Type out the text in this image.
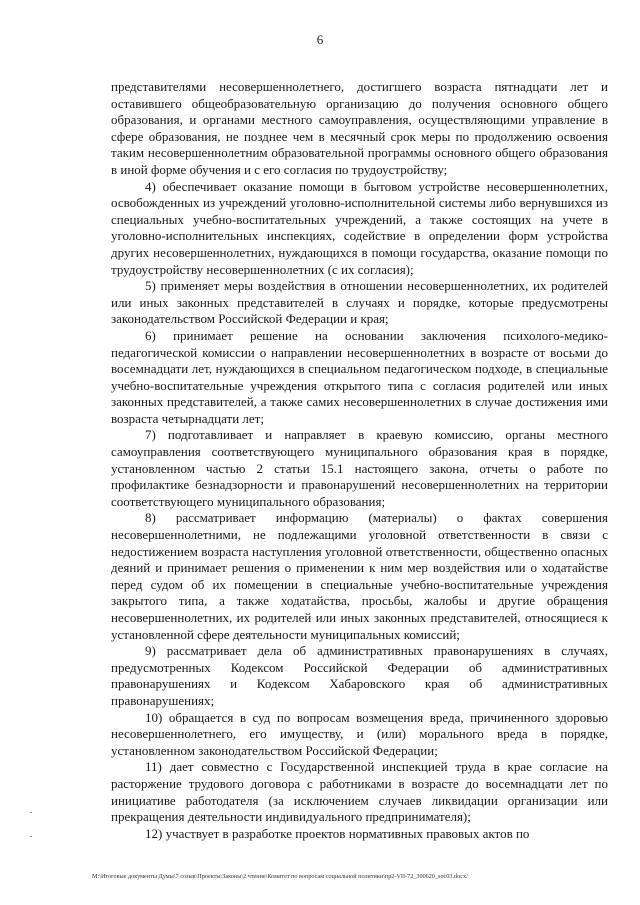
6

представителями несовершеннолетнего, достигшего возраста пятнадцати лет и оставившего общеобразовательную организацию до получения основного общего образования, и органами местного самоуправления, осуществляющими управление в сфере образования, не позднее чем в месячный срок меры по продолжению освоения таким несовершеннолетним образовательной программы основного общего образования в иной форме обучения и с его согласия по трудоустройству;

4) обеспечивает оказание помощи в бытовом устройстве несовершеннолетних, освобожденных из учреждений уголовно-исполнительной системы либо вернувшихся из специальных учебно-воспитательных учреждений, а также состоящих на учете в уголовно-исполнительных инспекциях, содействие в определении форм устройства других несовершеннолетних, нуждающихся в помощи государства, оказание помощи по трудоустройству несовершеннолетних (с их согласия);

5) применяет меры воздействия в отношении несовершеннолетних, их родителей или иных законных представителей в случаях и порядке, которые предусмотрены законодательством Российской Федерации и края;

6) принимает решение на основании заключения психолого-медико-педагогической комиссии о направлении несовершеннолетних в возрасте от восьми до восемнадцати лет, нуждающихся в специальном педагогическом подходе, в специальные учебно-воспитательные учреждения открытого типа с согласия родителей или иных законных представителей, а также самих несовершеннолетних в случае достижения ими возраста четырнадцати лет;

7) подготавливает и направляет в краевую комиссию, органы местного самоуправления соответствующего муниципального образования края в порядке, установленном частью 2 статьи 15.1 настоящего закона, отчеты о работе по профилактике безнадзорности и правонарушений несовершеннолетних на территории соответствующего муниципального образования;

8) рассматривает информацию (материалы) о фактах совершения несовершеннолетними, не подлежащими уголовной ответственности в связи с недостижением возраста наступления уголовной ответственности, общественно опасных деяний и принимает решения о применении к ним мер воздействия или о ходатайстве перед судом об их помещении в специальные учебно-воспитательные учреждения закрытого типа, а также ходатайства, просьбы, жалобы и другие обращения несовершеннолетних, их родителей или иных законных представителей, относящиеся к установленной сфере деятельности муниципальных комиссий;

9) рассматривает дела об административных правонарушениях в случаях, предусмотренных Кодексом Российской Федерации об административных правонарушениях и Кодексом Хабаровского края об административных правонарушениях;

10) обращается в суд по вопросам возмещения вреда, причиненного здоровью несовершеннолетнего, его имуществу, и (или) морального вреда в порядке, установленном законодательством Российской Федерации;

11) дает совместно с Государственной инспекцией труда в крае согласие на расторжение трудового договора с работниками в возрасте до восемнадцати лет по инициативе работодателя (за исключением случаев ликвидации организации или прекращения деятельности индивидуального предпринимателя);

12) участвует в разработке проектов нормативных правовых актов по

M:\Итоговые документы Думы\7 созыв\Проекты\Законы\2 чтение\Комитет по вопросам социальной политики\пр2-VII-72_300620_soc03.docx/
